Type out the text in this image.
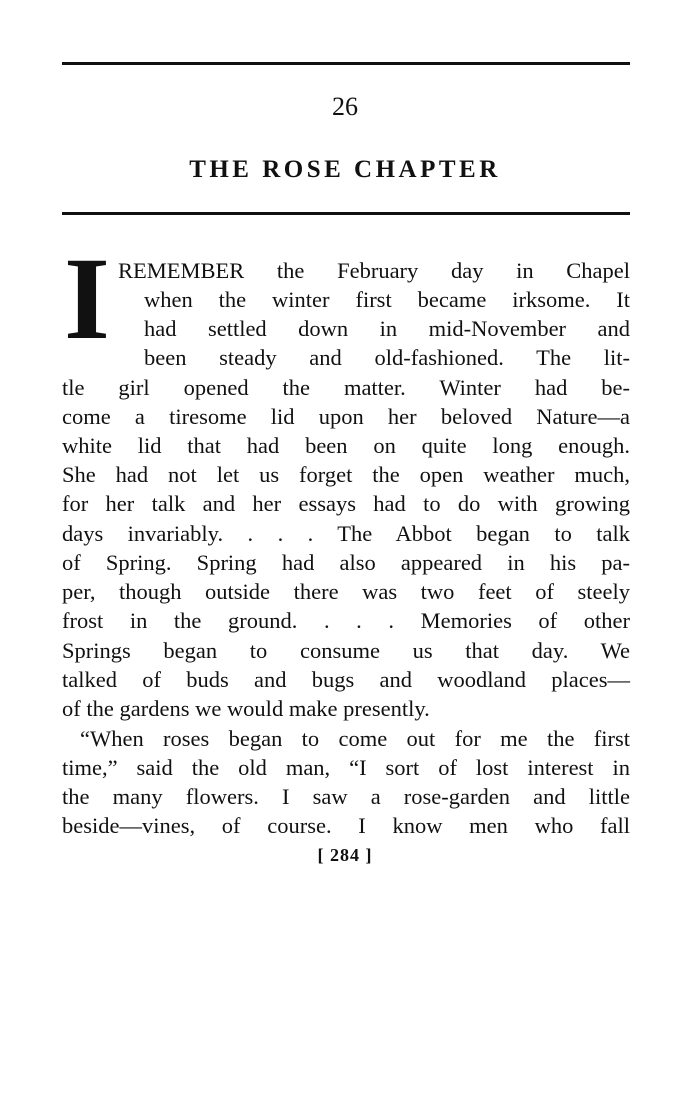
26
THE ROSE CHAPTER
I REMEMBER the February day in Chapel
when the winter first became irksome. It
had settled down in mid-November and
been steady and old-fashioned. The lit-
tle girl opened the matter. Winter had be-
come a tiresome lid upon her beloved Nature—a
white lid that had been on quite long enough.
She had not let us forget the open weather much,
for her talk and her essays had to do with growing
days invariably. . . . The Abbot began to talk
of Spring. Spring had also appeared in his pa-
per, though outside there was two feet of steely
frost in the ground. . . . Memories of other
Springs began to consume us that day. We
talked of buds and bugs and woodland places—
of the gardens we would make presently.
“When roses began to come out for me the first
time,” said the old man, “I sort of lost interest in
the many flowers. I saw a rose-garden and little
beside—vines, of course. I know men who fall
[ 284 ]
